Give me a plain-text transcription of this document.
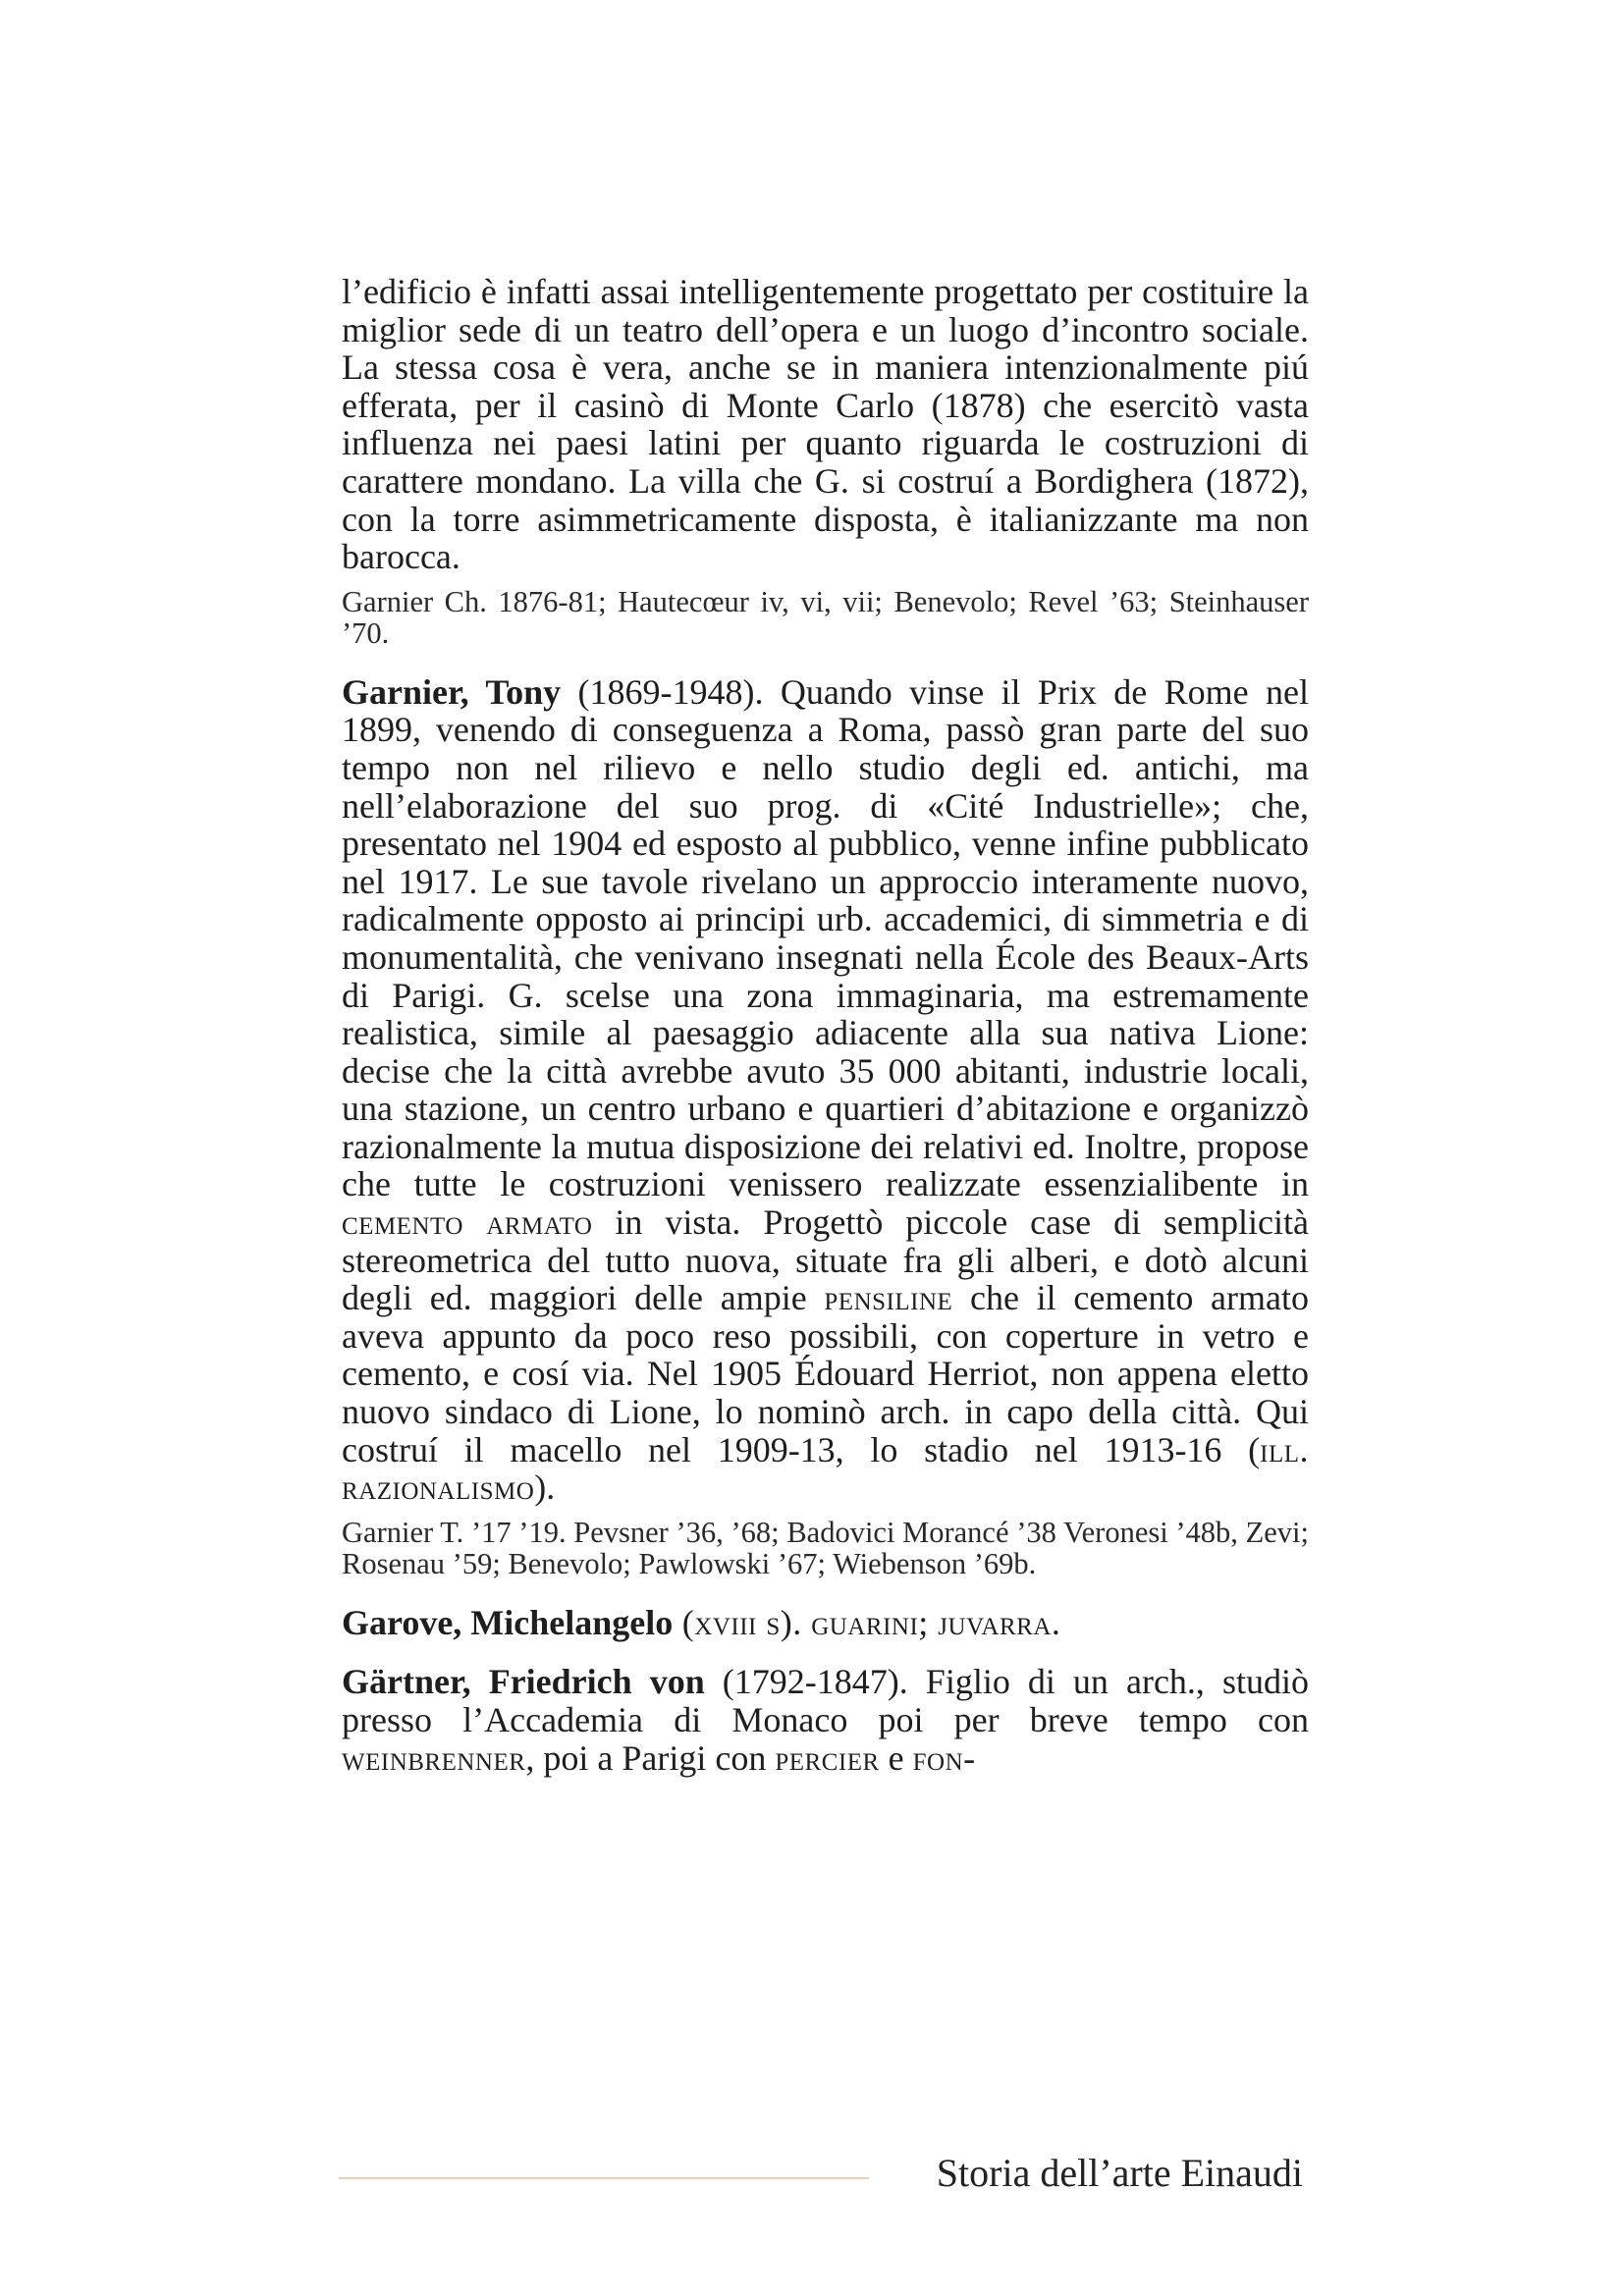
l’edificio è infatti assai intelligentemente progettato per costituire la miglior sede di un teatro dell’opera e un luogo d’incontro sociale. La stessa cosa è vera, anche se in maniera intenzionalmente piú efferata, per il casinò di Monte Carlo (1878) che esercitò vasta influenza nei paesi latini per quanto riguarda le costruzioni di carattere mondano. La villa che G. si costruí a Bordighera (1872), con la torre asimmetricamente disposta, è italianizzante ma non barocca.

Garnier Ch. 1876-81; Hautecœur iv, vi, vii; Benevolo; Revel ’63; Steinhauser ’70.

Garnier, Tony (1869-1948). Quando vinse il Prix de Rome nel 1899, venendo di conseguenza a Roma, passò gran parte del suo tempo non nel rilievo e nello studio degli ed. antichi, ma nell’elaborazione del suo prog. di «Cité Industrielle»; che, presentato nel 1904 ed esposto al pubblico, venne infine pubblicato nel 1917. Le sue tavole rivelano un approccio interamente nuovo, radicalmente opposto ai principi urb. accademici, di simmetria e di monumentalità, che venivano insegnati nella École des Beaux-Arts di Parigi. G. scelse una zona immaginaria, ma estremamente realistica, simile al paesaggio adiacente alla sua nativa Lione: decise che la città avrebbe avuto 35 000 abitanti, industrie locali, una stazione, un centro urbano e quartieri d’abitazione e organizzò razionalmente la mutua disposizione dei relativi ed. Inoltre, propose che tutte le costruzioni venissero realizzate essenzialibente in cemento armato in vista. Progettò piccole case di semplicità stereometrica del tutto nuova, situate fra gli alberi, e dotò alcuni degli ed. maggiori delle ampie pensiline che il cemento armato aveva appunto da poco reso possibili, con coperture in vetro e cemento, e cosí via. Nel 1905 Édouard Herriot, non appena eletto nuovo sindaco di Lione, lo nominò arch. in capo della città. Qui costruí il macello nel 1909-13, lo stadio nel 1913-16 (ill. razionalismo).

Garnier T. ’17 ’19. Pevsner ’36, ’68; Badovici Morancé ’38 Veronesi ’48b, Zevi; Rosenau ’59; Benevolo; Pawlowski ’67; Wiebenson ’69b.

Garove, Michelangelo (xviii s). guarini; juvarra.

Gärtner, Friedrich von (1792-1847). Figlio di un arch., studiò presso l’Accademia di Monaco poi per breve tempo con weinbrenner, poi a Parigi con percier e fon-

Storia dell’arte Einaudi
